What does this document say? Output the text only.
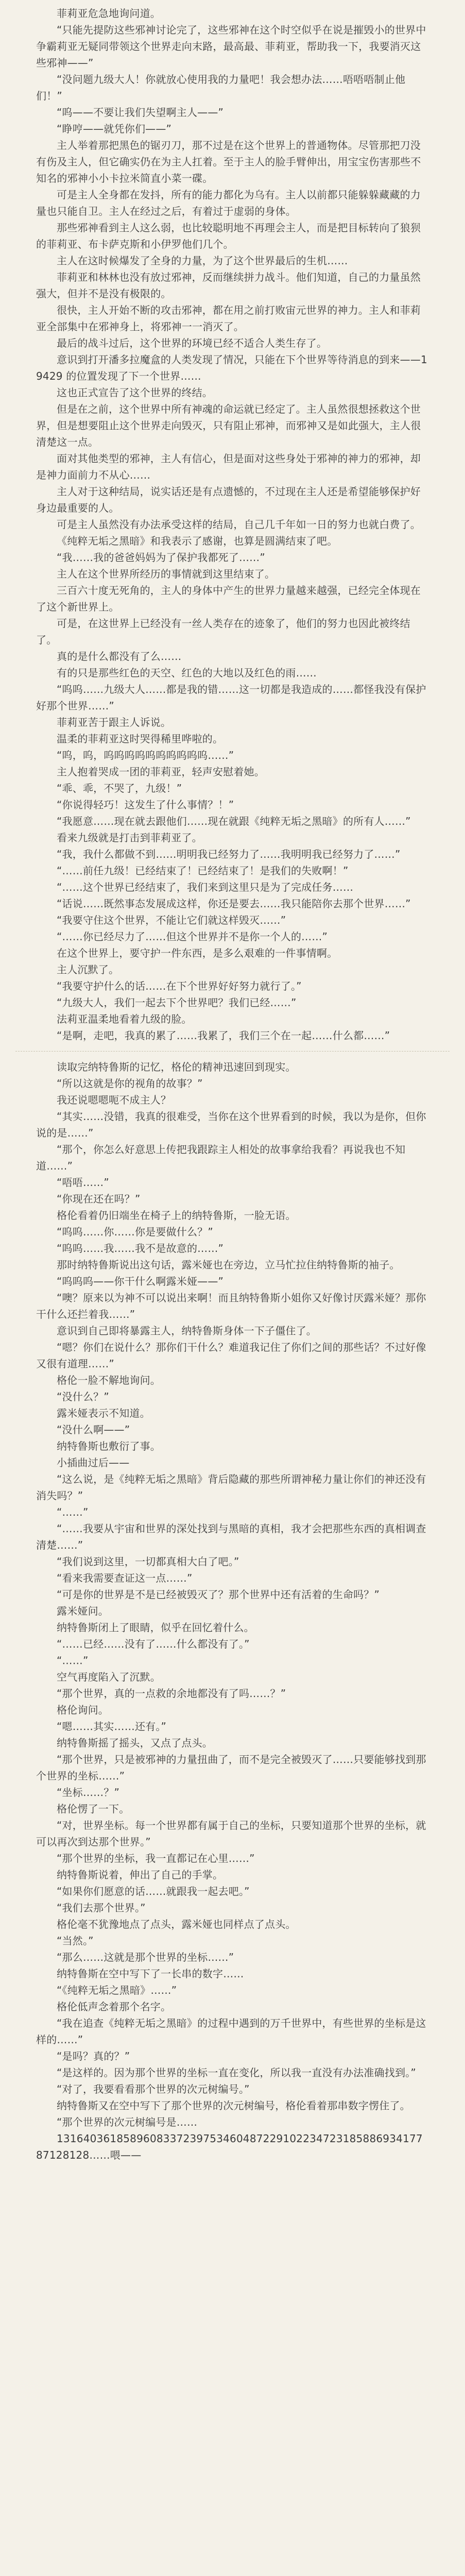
菲莉亚危急地询问道。

“只能先提防这些邪神讨论完了，这些邪神在这个时空似乎在说是摧毁小的世界中争霸莉亚无疑同带领这个世界走向末路，最高最、菲莉亚，帮助我一下，我要消灭这些邪神——”

“没问题九级大人！你就放心使用我的力量吧！我会想办法……唔唔唔制止他们！”

“呜——不要让我们失望啊主人——”

“睁哼——就凭你们——”

主人举着那把黑色的锯刃刀，那不过是在这个世界上的普通物体。尽管那把刀没有伤及主人，但它确实仍在为主人扛着。至于主人的脸手臂伸出，用宝宝伤害那些不知名的邪神小小卡拉米简直小菜一碟。

可是主人全身都在发抖，所有的能力都化为乌有。主人以前都只能躲躲藏藏的力量也只能自卫。主人在经过之后，有着过于虚弱的身体。

那些邪神看到主人这么弱，也比较聪明地不再理会主人，而是把目标转向了狼狈的菲莉亚、布卡萨克斯和小伊罗他们几个。

主人在这时候爆发了全身的力量，为了这个世界最后的生机……

菲莉亚和林林也没有放过邪神，反而继续拼力战斗。他们知道，自己的力量虽然强大，但并不是没有极限的。

很快，主人开始不断的攻击邪神，都在用之前打败宙元世界的神力。主人和菲莉亚全部集中在邪神身上，将邪神一一消灭了。

最后的战斗过后，这个世界的环境已经不适合人类生存了。

意识到打开潘多拉魔盒的人类发现了情况，只能在下个世界等待消息的到来——19429 的位置发现了下一个世界……

这也正式宣告了这个世界的终结。

但是在之前，这个世界中所有神魂的命运就已经定了。主人虽然很想拯救这个世界，但是想要阻止这个世界走向毁灭，只有阻止邪神，而邪神又是如此强大，主人很清楚这一点。

面对其他类型的邪神，主人有信心，但是面对这些身处于邪神的神力的邪神，却是神力面前力不从心……

主人对于这种结局，说实话还是有点遗憾的，不过现在主人还是希望能够保护好身边最重要的人。

可是主人虽然没有办法承受这样的结局，自己几千年如一日的努力也就白费了。

《纯粹无垢之黑暗》和我表示了感谢，也算是圆满结束了吧。

“我……我的爸爸妈妈为了保护我都死了……”

主人在这个世界所经历的事情就到这里结束了。

三百六十度无死角的，主人的身体中产生的世界力量越来越强，已经完全体现在了这个新世界上。

可是，在这世界上已经没有一丝人类存在的迹象了，他们的努力也因此被终结了。

真的是什么都没有了么……

有的只是那些红色的天空、红色的大地以及红色的雨……

“呜呜……九级大人……都是我的错……这一切都是我造成的……都怪我没有保护好那个世界……”

菲莉亚苦于跟主人诉说。

温柔的菲莉亚这时哭得稀里哗啦的。

“呜，呜，呜呜呜呜呜呜呜呜呜呜……”

主人抱着哭成一团的菲莉亚，轻声安慰着她。

“乖、乖，不哭了，九级！”

“你说得轻巧！这发生了什么事情？！”

“我愿意……现在就去跟他们……现在就跟《纯粹无垢之黑暗》的所有人……”

看来九级就是打击到菲莉亚了。

“我，我什么都做不到……明明我已经努力了……我明明我已经努力了……”

“……前任九级！已经结束了！已经结束了！是我们的失败啊！”

“……这个世界已经结束了，我们来到这里只是为了完成任务……

“话说……既然事态发展成这样，你还是要去……我只能陪你去那个世界……”

“我要守住这个世界，不能让它们就这样毁灭……”

“……你已经尽力了……但这个世界并不是你一个人的……”

在这个世界上，要守护一件东西，是多么艰难的一件事情啊。

主人沉默了。

“我要守护什么的话……在下个世界好好努力就行了。”

“九级大人，我们一起去下个世界吧？我们已经……”

法莉亚温柔地看着九级的脸。

“是啊，走吧，我真的累了……我累了，我们三个在一起……什么都……”

读取完纳特鲁斯的记忆，格伦的精神迅速回到现实。

“所以这就是你的视角的故事？”

我还说嗯嗯呃不成主人？

“其实……没错，我真的很难受，当你在这个世界看到的时候，我以为是你，但你说的是……”

“那个，你怎么好意思上传把我跟踪主人相处的故事拿给我看？再说我也不知道……”

“唔唔……”

“你现在还在吗？”

格伦看着仍旧端坐在椅子上的纳特鲁斯，一脸无语。

“呜呜……你……你是要做什么？”

“呜呜……我……我不是故意的……”

那时纳特鲁斯说出这句话，露米娅也在旁边，立马忙拉住纳特鲁斯的袖子。

“呜呜呜——你干什么啊露米娅——”

“噢？原来以为神不可以说出来啊！而且纳特鲁斯小姐你又好像讨厌露米娅？那你干什么还拦着我……”

意识到自己即将暴露主人，纳特鲁斯身体一下子僵住了。

“嗯？你们在说什么？那你们干什么？难道我记住了你们之间的那些话？不过好像又很有道理……”

格伦一脸不解地询问。

“没什么？”

露米娅表示不知道。

“没什么啊——”

纳特鲁斯也敷衍了事。

小插曲过后——

“这么说，是《纯粹无垢之黑暗》背后隐藏的那些所谓神秘力量让你们的神还没有消失吗？”

“……”

“……我要从宇宙和世界的深处找到与黑暗的真相，我才会把那些东西的真相调查清楚……”

“我们说到这里，一切都真相大白了吧。”

“看来我需要查证这一点……”

“可是你的世界是不是已经被毁灭了？那个世界中还有活着的生命吗？”

露米娅问。

纳特鲁斯闭上了眼睛，似乎在回忆着什么。

“……已经……没有了……什么都没有了。”

“……”

空气再度陷入了沉默。

“那个世界，真的一点救的余地都没有了吗……？”

格伦询问。

“嗯……其实……还有。”

纳特鲁斯摇了摇头，又点了点头。

“那个世界，只是被邪神的力量扭曲了，而不是完全被毁灭了……只要能够找到那个世界的坐标……”

“坐标……？”

格伦愣了一下。

“对，世界坐标。每一个世界都有属于自己的坐标，只要知道那个世界的坐标，就可以再次到达那个世界。”

“那个世界的坐标，我一直都记在心里……”

纳特鲁斯说着，伸出了自己的手掌。

“如果你们愿意的话……就跟我一起去吧。”

“我们去那个世界。”

格伦毫不犹豫地点了点头，露米娅也同样点了点头。

“当然。”

“那么……这就是那个世界的坐标……”

纳特鲁斯在空中写下了一长串的数字……

“《纯粹无垢之黑暗》……”

格伦低声念着那个名字。

“我在追查《纯粹无垢之黑暗》的过程中遇到的万千世界中，有些世界的坐标是这样的……”

“是吗？真的？”

“是这样的。因为那个世界的坐标一直在变化，所以我一直没有办法准确找到。”

“对了，我要看看那个世界的次元树编号。”

纳特鲁斯又在空中写下了那个世界的次元树编号，格伦看着那串数字愣住了。

“那个世界的次元树编号是……

131640361858960833723975346048722910223472318588693417787128128……喂——
